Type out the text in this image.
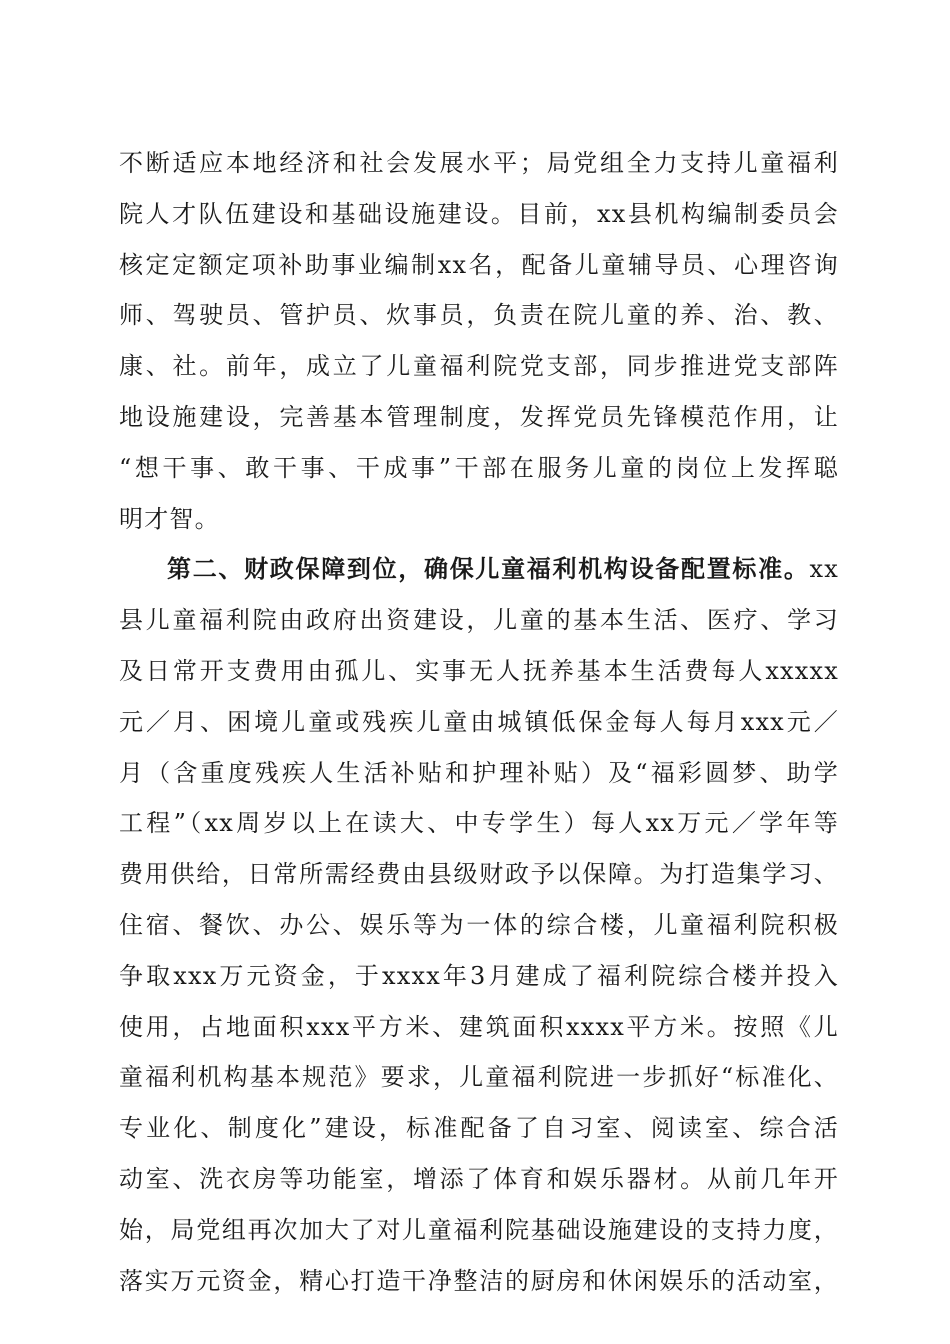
不断适应本地经济和社会发展水平；局党组全力支持儿童福利
院人才队伍建设和基础设施建设。目前，xx县机构编制委员会
核定定额定项补助事业编制xx名，配备儿童辅导员、心理咨询
师、驾驶员、管护员、炊事员，负责在院儿童的养、治、教、
康、社。前年，成立了儿童福利院党支部，同步推进党支部阵
地设施建设，完善基本管理制度，发挥党员先锋模范作用，让
“想干事、敢干事、干成事”干部在服务儿童的岗位上发挥聪
明才智。
第二、财政保障到位，确保儿童福利机构设备配置标准。xx
县儿童福利院由政府出资建设，儿童的基本生活、医疗、学习
及日常开支费用由孤儿、实事无人抚养基本生活费每人xxxxx
元／月、困境儿童或残疾儿童由城镇低保金每人每月xxx元／
月（含重度残疾人生活补贴和护理补贴）及“福彩圆梦、助学
工程”（xx周岁以上在读大、中专学生）每人xx万元／学年等
费用供给，日常所需经费由县级财政予以保障。为打造集学习、
住宿、餐饮、办公、娱乐等为一体的综合楼，儿童福利院积极
争取xxx万元资金，于xxxx年3月建成了福利院综合楼并投入
使用，占地面积xxx平方米、建筑面积xxxx平方米。按照《儿
童福利机构基本规范》要求，儿童福利院进一步抓好“标准化、
专业化、制度化”建设，标准配备了自习室、阅读室、综合活
动室、洗衣房等功能室，增添了体育和娱乐器材。从前几年开
始，局党组再次加大了对儿童福利院基础设施建设的支持力度，
落实万元资金，精心打造干净整洁的厨房和休闲娱乐的活动室，
